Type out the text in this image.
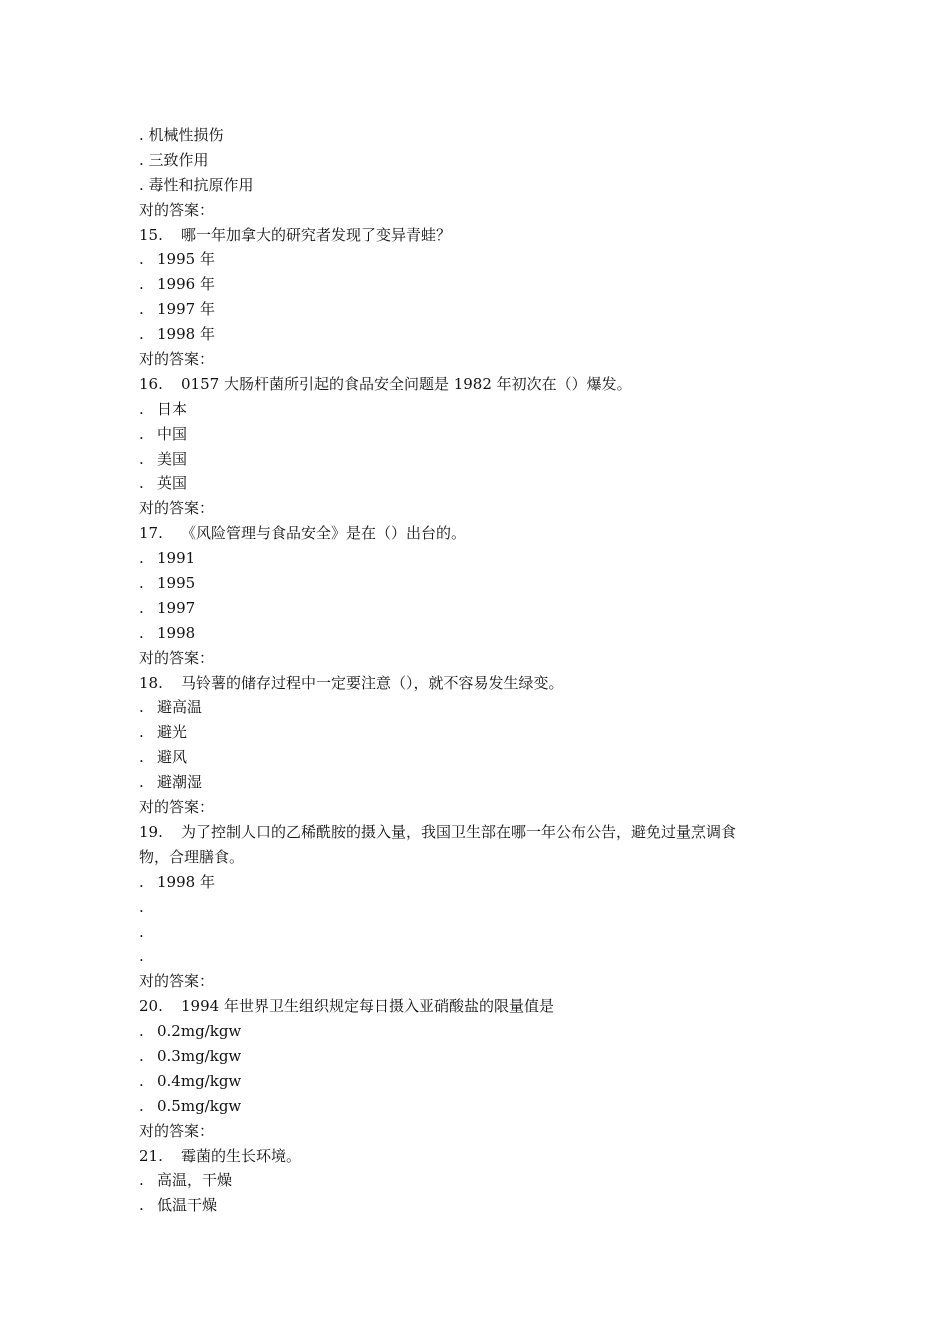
. 机械性损伤
. 三致作用
. 毒性和抗原作用
对的答案：
15. 哪一年加拿大的研究者发现了变异青蛙？
. 1995 年
. 1996 年
. 1997 年
. 1998 年
对的答案：
16. 0157 大肠杆菌所引起的食品安全问题是 1982 年初次在（）爆发。
. 日本
. 中国
. 美国
. 英国
对的答案：
17. 《风险管理与食品安全》是在（）出台的。
. 1991
. 1995
. 1997
. 1998
对的答案：
18. 马铃薯的储存过程中一定要注意（），就不容易发生绿变。
. 避高温
. 避光
. 避风
. 避潮湿
对的答案：
19. 为了控制人口的乙稀酰胺的摄入量，我国卫生部在哪一年公布公告，避免过量烹调食
物，合理膳食。
. 1998 年
.
.
.
对的答案：
20. 1994 年世界卫生组织规定每日摄入亚硝酸盐的限量值是
. 0.2mg/kgw
. 0.3mg/kgw
. 0.4mg/kgw
. 0.5mg/kgw
对的答案：
21. 霉菌的生长环境。
. 高温，干燥
. 低温干燥
